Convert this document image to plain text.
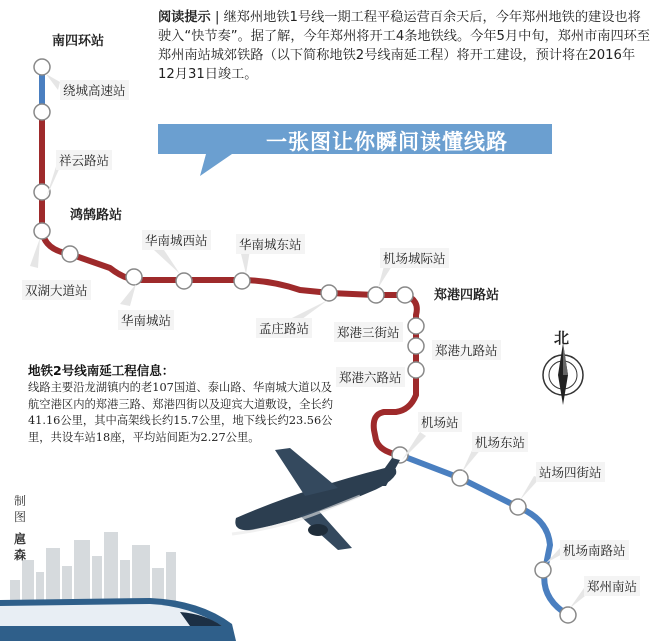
阅读提示 | 继郑州地铁1号线一期工程平稳运营百余天后，今年郑州地铁的建设也将驶入“快节奏”。据了解，今年郑州将开工4条地铁线。今年5月中旬，郑州市南四环至郑州南站城郊铁路（以下简称地铁2号线南延工程）将开工建设，预计将在2016年12月31日竣工。
一张图让你瞬间读懂线路
南四环站
绕城高速站
祥云路站
鸿鹄路站
双湖大道站
华南城西站
华南城站
华南城东站
孟庄路站
机场城际站
郑港四路站
郑港三街站
郑港九路站
郑港六路站
机场站
机场东站
站场四街站
机场南路站
郑州南站
地铁2号线南延工程信息：
线路主要沿龙湖镇内的老107国道、泰山路、华南城大道以及航空港区内的郑港三路、郑港四街以及迎宾大道敷设，全长约41.16公里，其中高架线长约15.7公里，地下线长约23.56公里，共设车站18座，平均站间距为2.27公里。
北
制
图
扈
森
